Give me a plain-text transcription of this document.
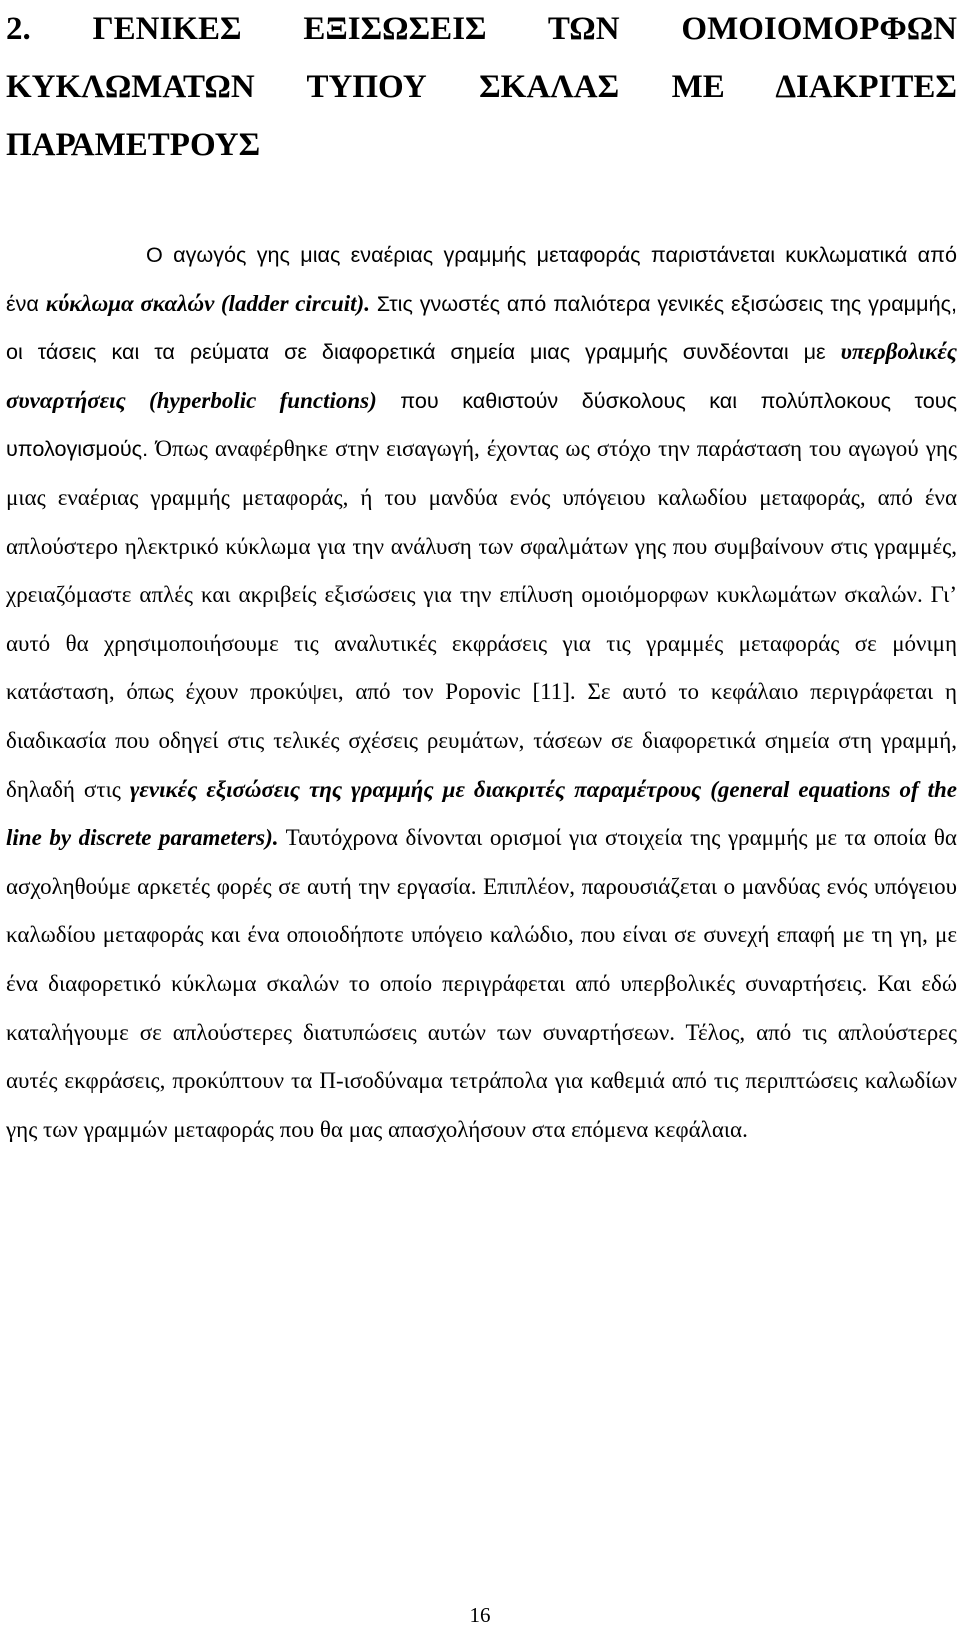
2. ΓΕΝΙΚΕΣ ΕΞΙΣΩΣΕΙΣ ΤΩΝ ΟΜΟΙΟΜΟΡΦΩΝ ΚΥΚΛΩΜΑΤΩΝ ΤΥΠΟΥ ΣΚΑΛΑΣ ΜΕ ΔΙΑΚΡΙΤΕΣ ΠΑΡΑΜΕΤΡΟΥΣ

Ο αγωγός γης μιας εναέριας γραμμής μεταφοράς παριστάνεται κυκλωματικά από ένα κύκλωμα σκαλών (ladder circuit). Στις γνωστές από παλιότερα γενικές εξισώσεις της γραμμής, οι τάσεις και τα ρεύματα σε διαφορετικά σημεία μιας γραμμής συνδέονται με υπερβολικές συναρτήσεις (hyperbolic functions) που καθιστούν δύσκολους και πολύπλοκους τους υπολογισμούς. Όπως αναφέρθηκε στην εισαγωγή, έχοντας ως στόχο την παράσταση του αγωγού γης μιας εναέριας γραμμής μεταφοράς, ή του μανδύα ενός υπόγειου καλωδίου μεταφοράς, από ένα απλούστερο ηλεκτρικό κύκλωμα για την ανάλυση των σφαλμάτων γης που συμβαίνουν στις γραμμές, χρειαζόμαστε απλές και ακριβείς εξισώσεις για την επίλυση ομοιόμορφων κυκλωμάτων σκαλών. Γι’ αυτό θα χρησιμοποιήσουμε τις αναλυτικές εκφράσεις για τις γραμμές μεταφοράς σε μόνιμη κατάσταση, όπως έχουν προκύψει, από τον Popovic [11]. Σε αυτό το κεφάλαιο περιγράφεται η διαδικασία που οδηγεί στις τελικές σχέσεις ρευμάτων, τάσεων σε διαφορετικά σημεία στη γραμμή, δηλαδή στις γενικές εξισώσεις της γραμμής με διακριτές παραμέτρους (general equations of the line by discrete parameters). Ταυτόχρονα δίνονται ορισμοί για στοιχεία της γραμμής με τα οποία θα ασχοληθούμε αρκετές φορές σε αυτή την εργασία. Επιπλέον, παρουσιάζεται ο μανδύας ενός υπόγειου καλωδίου μεταφοράς και ένα οποιοδήποτε υπόγειο καλώδιο, που είναι σε συνεχή επαφή με τη γη, με ένα διαφορετικό κύκλωμα σκαλών το οποίο περιγράφεται από υπερβολικές συναρτήσεις. Και εδώ καταλήγουμε σε απλούστερες διατυπώσεις αυτών των συναρτήσεων. Τέλος, από τις απλούστερες αυτές εκφράσεις, προκύπτουν τα Π-ισοδύναμα τετράπολα για καθεμιά από τις περιπτώσεις καλωδίων γης των γραμμών μεταφοράς που θα μας απασχολήσουν στα επόμενα κεφάλαια.

16
